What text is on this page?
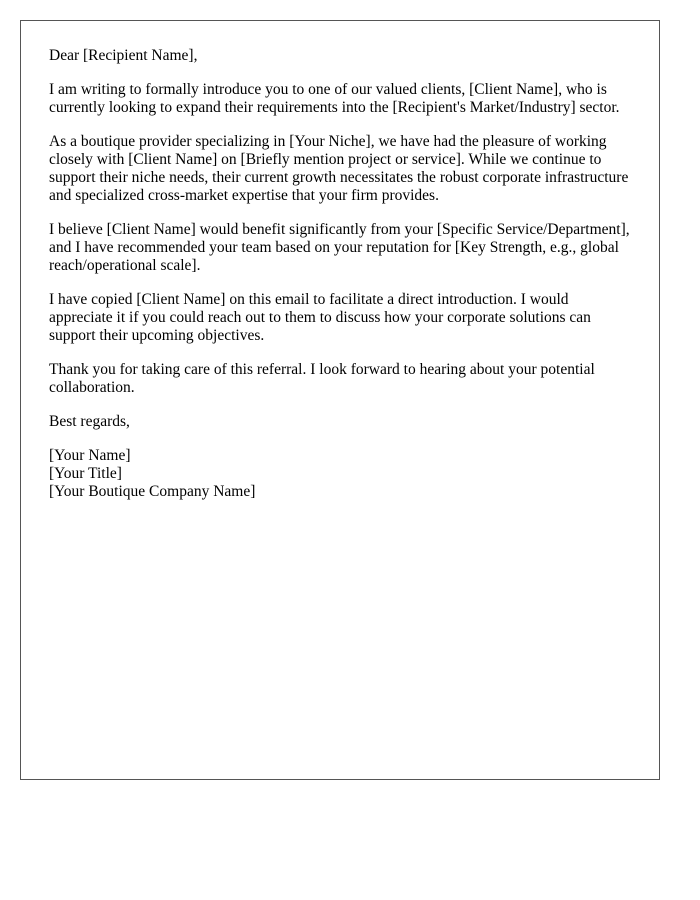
Dear [Recipient Name],

I am writing to formally introduce you to one of our valued clients, [Client Name], who is currently looking to expand their requirements into the [Recipient's Market/Industry] sector.

As a boutique provider specializing in [Your Niche], we have had the pleasure of working closely with [Client Name] on [Briefly mention project or service]. While we continue to support their niche needs, their current growth necessitates the robust corporate infrastructure and specialized cross-market expertise that your firm provides.

I believe [Client Name] would benefit significantly from your [Specific Service/Department], and I have recommended your team based on your reputation for [Key Strength, e.g., global reach/operational scale].

I have copied [Client Name] on this email to facilitate a direct introduction. I would appreciate it if you could reach out to them to discuss how your corporate solutions can support their upcoming objectives.

Thank you for taking care of this referral. I look forward to hearing about your potential collaboration.

Best regards,

[Your Name]
[Your Title]
[Your Boutique Company Name]
